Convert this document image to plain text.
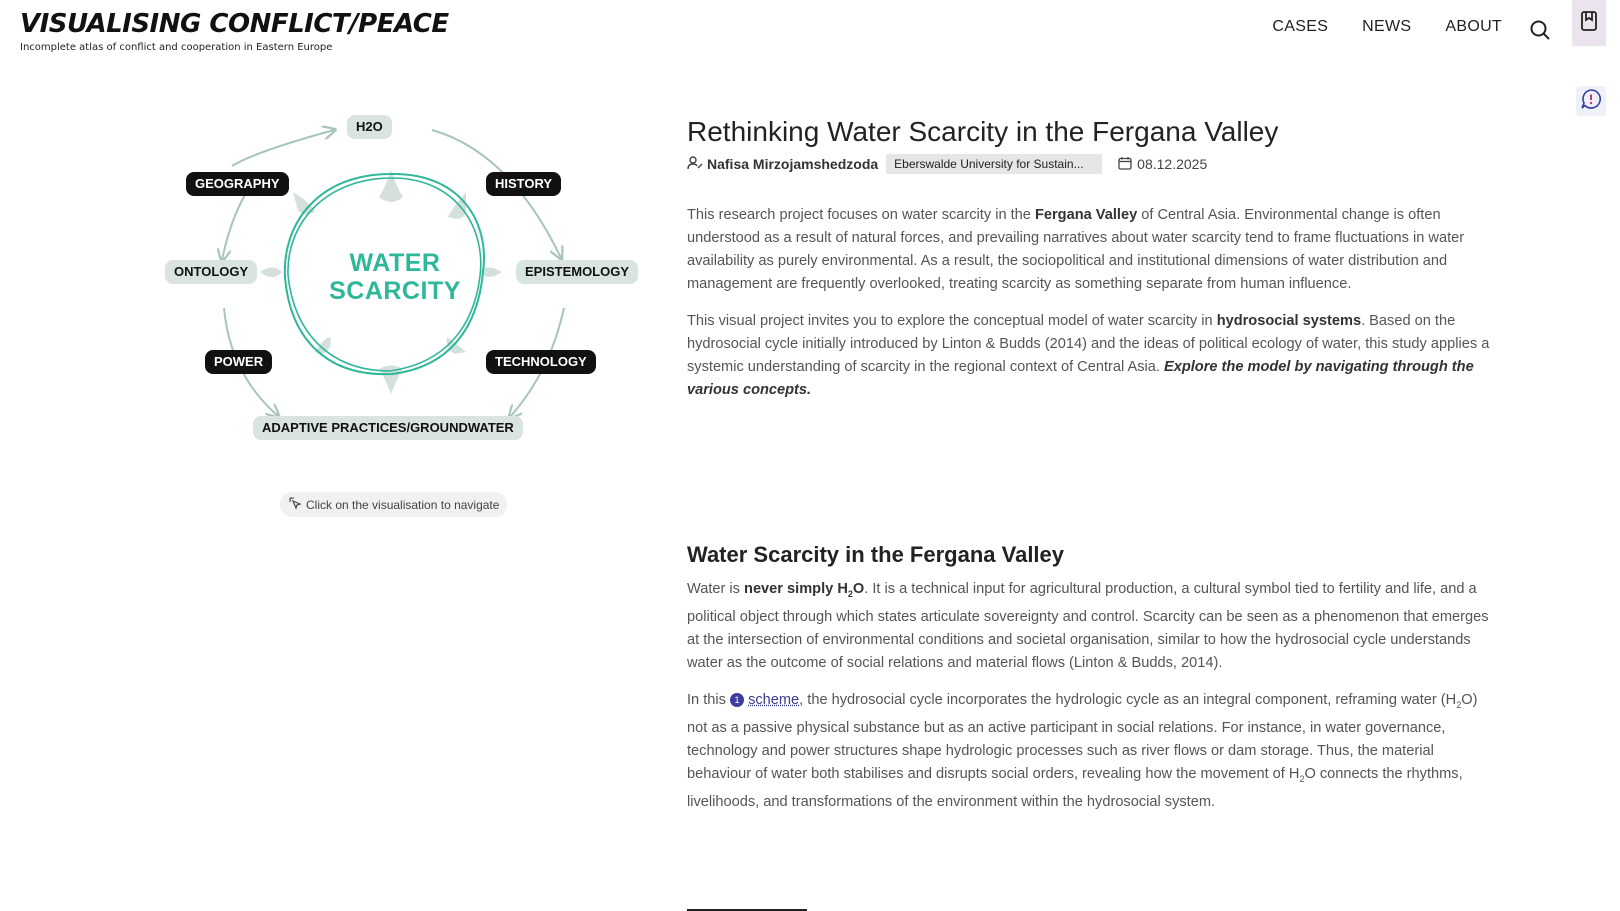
VISUALISING CONFLICT/PEACE
Incomplete atlas of conflict and cooperation in Eastern Europe
CASES NEWS ABOUT
WATER
SCARCITY
H2O
HISTORY
EPISTEMOLOGY
TECHNOLOGY
ADAPTIVE PRACTICES/GROUNDWATER
POWER
ONTOLOGY
GEOGRAPHY
Click on the visualisation to navigate
Rethinking Water Scarcity in the Fergana Valley
Nafisa Mirzojamshedzoda	Eberswalde University for Sustain...	08.12.2025

This research project focuses on water scarcity in the Fergana Valley of Central Asia. Environmental change is often understood as a result of natural forces, and prevailing narratives about water scarcity tend to frame fluctuations in water availability as purely environmental. As a result, the sociopolitical and institutional dimensions of water distribution and management are frequently overlooked, treating scarcity as something separate from human influence.

This visual project invites you to explore the conceptual model of water scarcity in hydrosocial systems. Based on the hydrosocial cycle initially introduced by Linton & Budds (2014) and the ideas of political ecology of water, this study applies a systemic understanding of scarcity in the regional context of Central Asia. Explore the model by navigating through the various concepts.

Water Scarcity in the Fergana Valley

Water is never simply $H_2O$. It is a technical input for agricultural production, a cultural symbol tied to fertility and life, and a political object through which states articulate sovereignty and control. Scarcity can be seen as a phenomenon that emerges at the intersection of environmental conditions and societal organisation, similar to how the hydrosocial cycle understands water as the outcome of social relations and material flows (Linton & Budds, 2014).

In this 1 scheme, the hydrosocial cycle incorporates the hydrologic cycle as an integral component, reframing water $(H_2O)$ not as a passive physical substance but as an active participant in social relations. For instance, in water governance, technology and power structures shape hydrologic processes such as river flows or dam storage. Thus, the material behaviour of water both stabilises and disrupts social orders, revealing how the movement of $H_2O$ connects the rhythms, livelihoods, and transformations of the environment within the hydrosocial system.
